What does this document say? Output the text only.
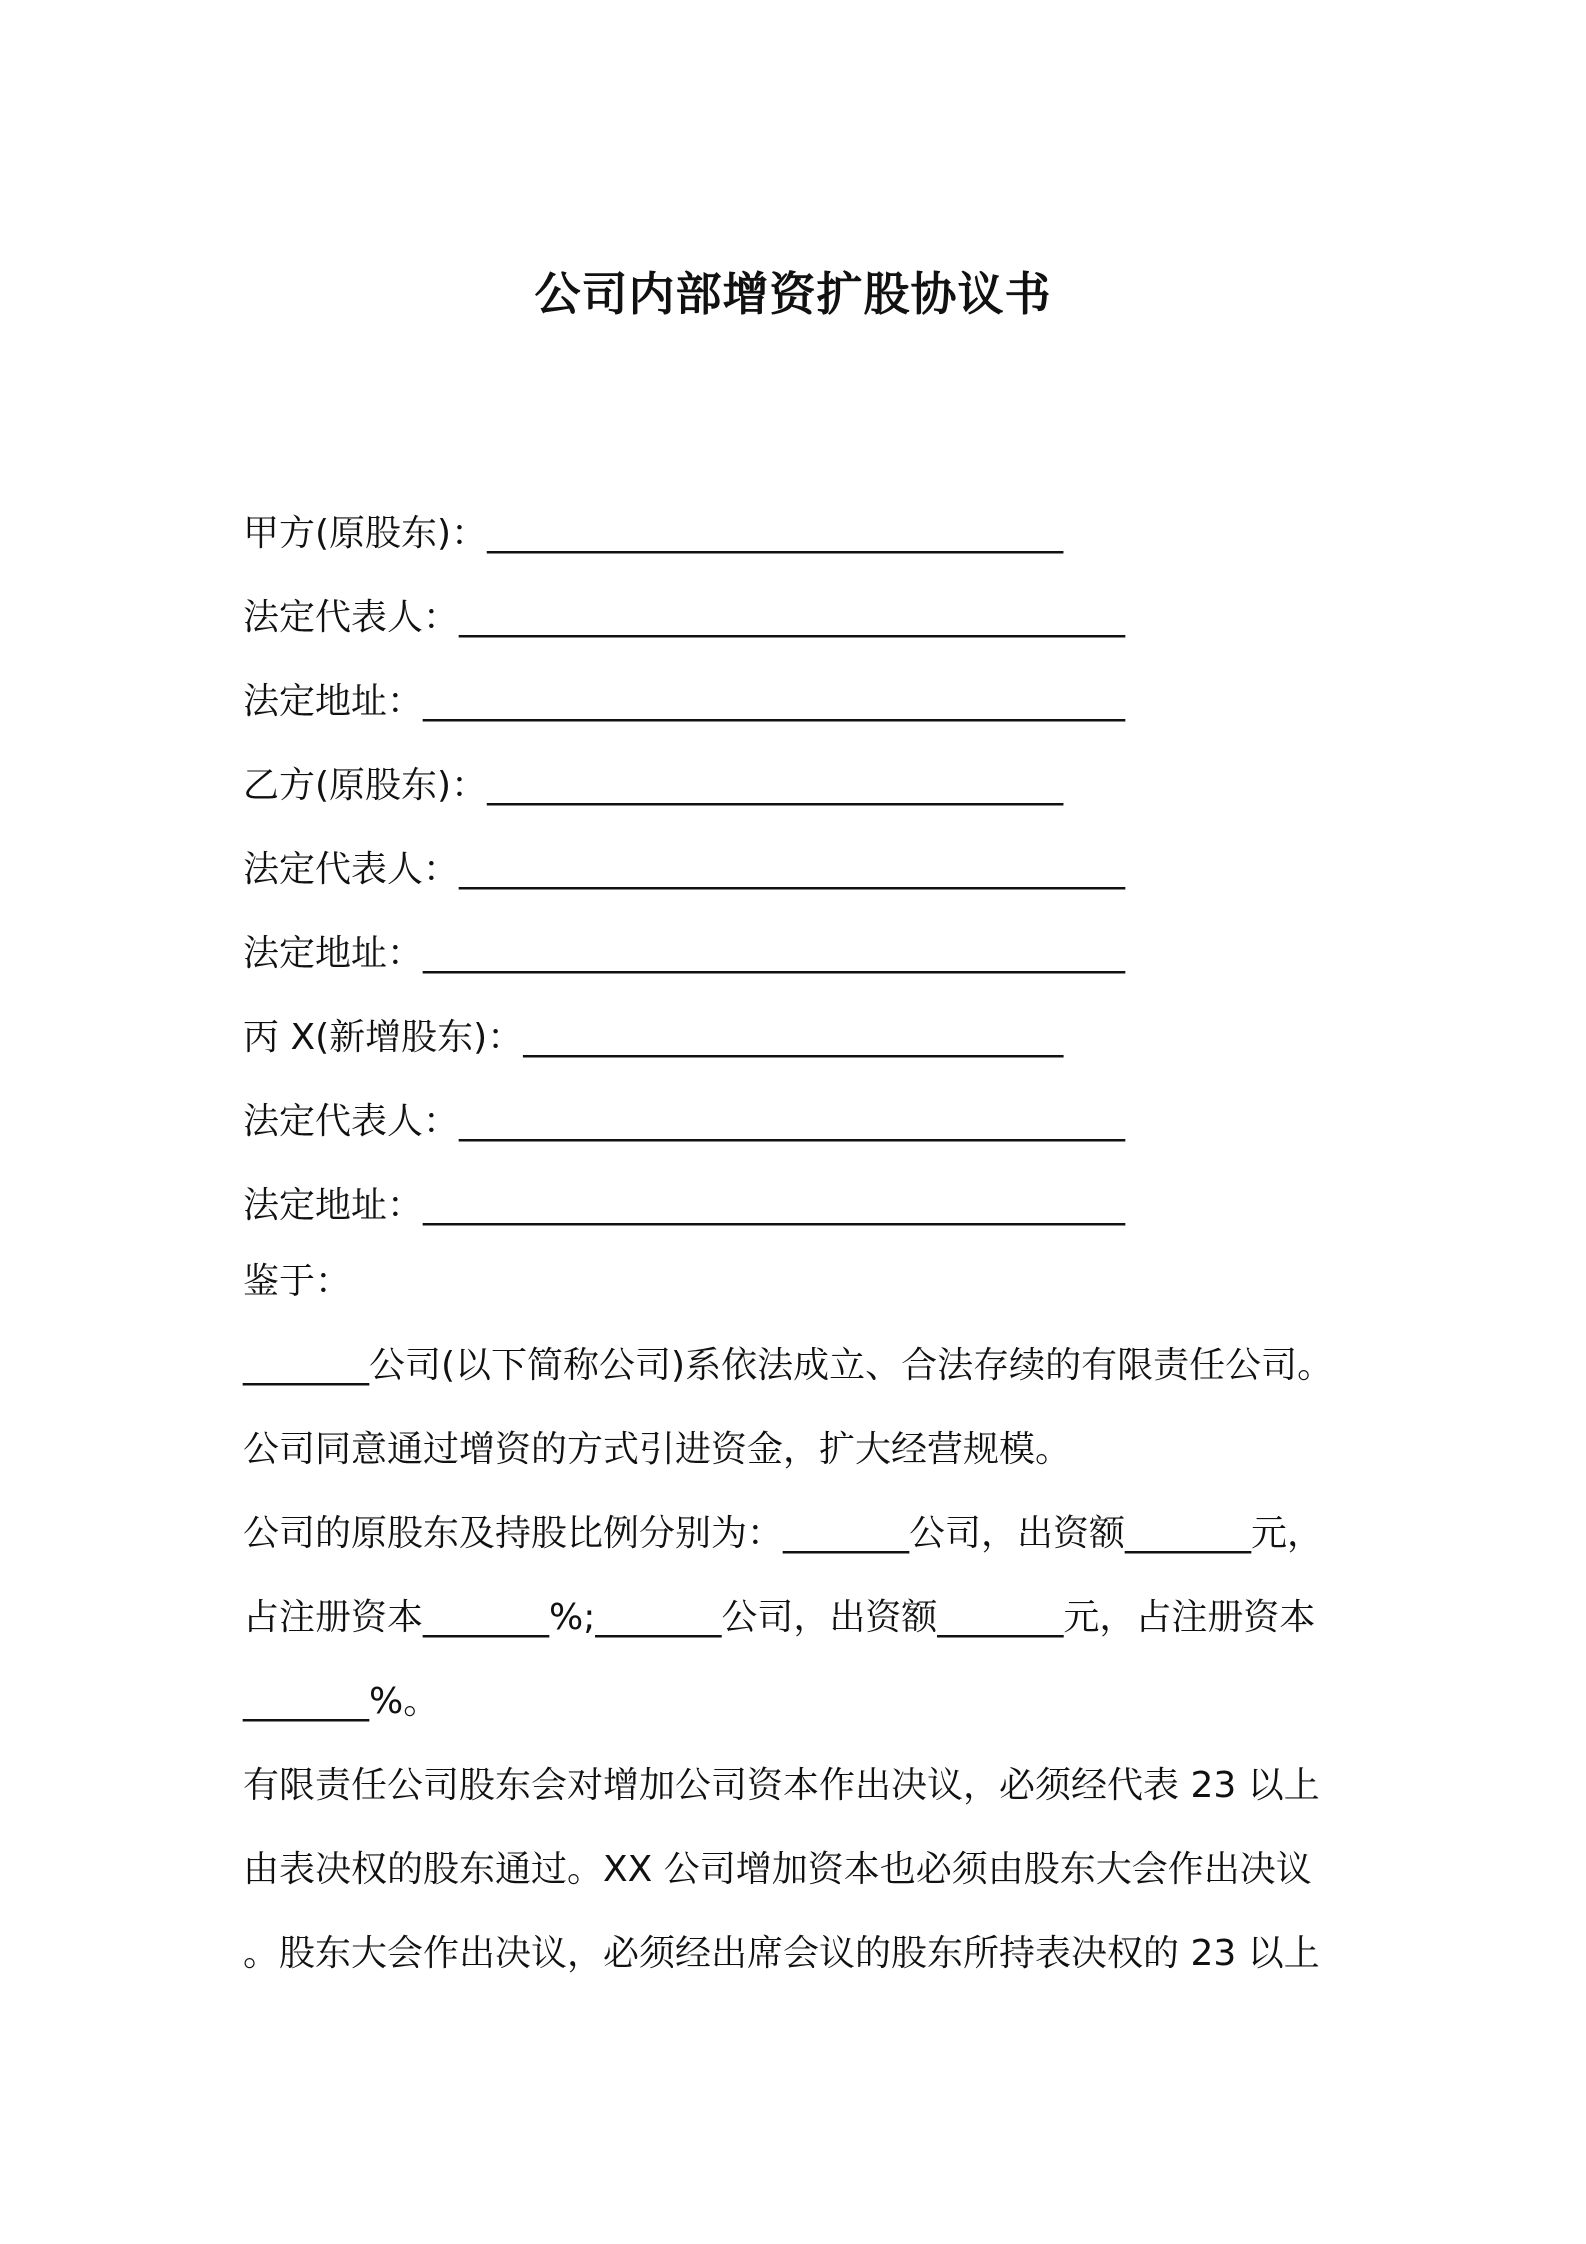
公司内部增资扩股协议书
甲方(原股东)：________________________________
法定代表人：_____________________________________
法定地址：_______________________________________
乙方(原股东)：________________________________
法定代表人：_____________________________________
法定地址：_______________________________________
丙 X(新增股东)：______________________________
法定代表人：_____________________________________
法定地址：_______________________________________
鉴于：
_______公司(以下简称公司)系依法成立、合法存续的有限责任公司。
公司同意通过增资的方式引进资金，扩大经营规模。
公司的原股东及持股比例分别为：_______公司，出资额_______元，
占注册资本_______%;_______公司，出资额_______元，占注册资本
_______%。
有限责任公司股东会对增加公司资本作出决议，必须经代表 23 以上
由表决权的股东通过。XX 公司增加资本也必须由股东大会作出决议
。股东大会作出决议，必须经出席会议的股东所持表决权的 23 以上
